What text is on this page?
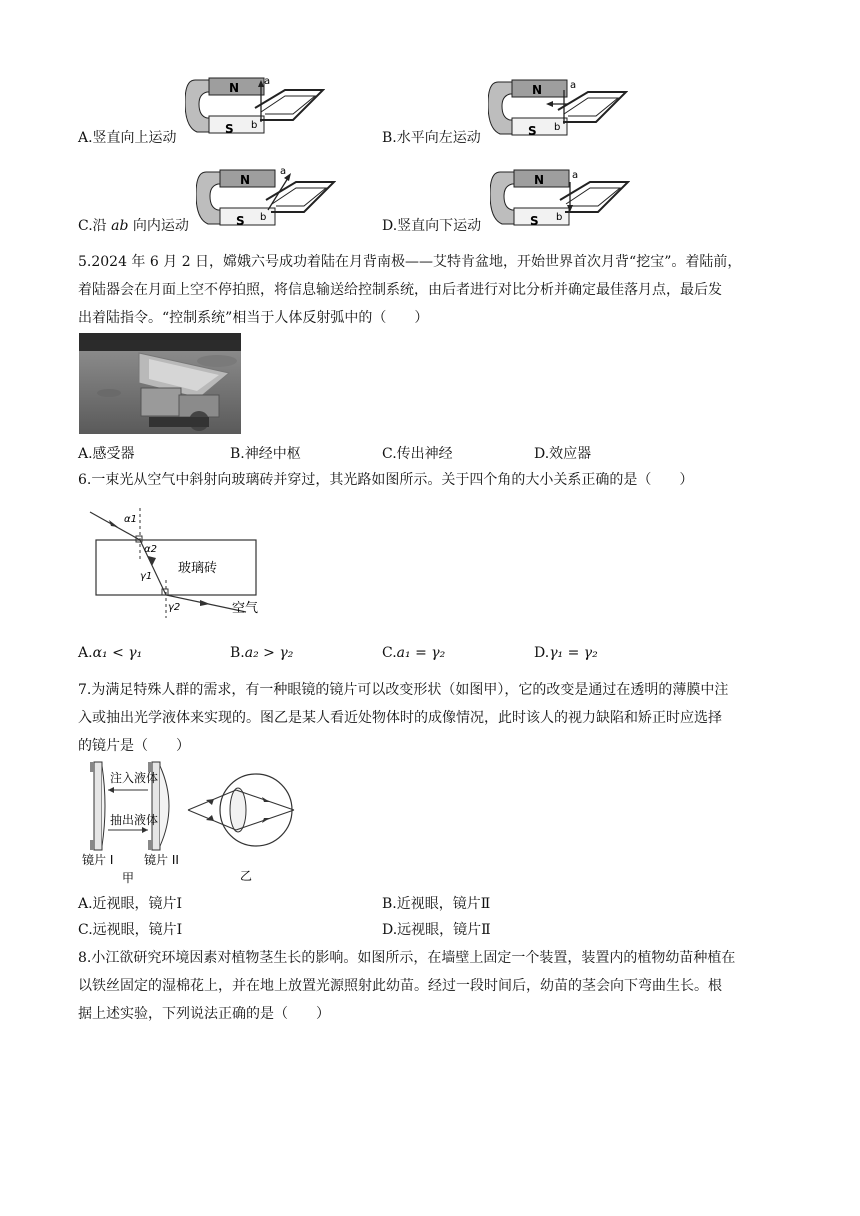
N
S
a
b
A.竖直向上运动
N
S
a
b
B.水平向左运动
N
S
a
b
C.沿 ab 向内运动
N
S
a
b
D.竖直向下运动
5.2024 年 6 月 2 日，嫦娥六号成功着陆在月背南极——艾特肯盆地，开始世界首次月背“挖宝”。着陆前，
着陆器会在月面上空不停拍照，将信息输送给控制系统，由后者进行对比分析并确定最佳落月点，最后发
出着陆指令。“控制系统”相当于人体反射弧中的（　　）
A.感受器	B.神经中枢	C.传出神经	D.效应器
6.一束光从空气中斜射向玻璃砖并穿过，其光路如图所示。关于四个角的大小关系正确的是（　　）
α1
α2
γ1
γ2
玻璃砖
空气
A.α₁ < γ₁	B.a₂ > γ₂	C.a₁ = γ₂	D.γ₁ = γ₂
7.为满足特殊人群的需求，有一种眼镜的镜片可以改变形状（如图甲），它的改变是通过在透明的薄膜中注
入或抽出光学液体来实现的。图乙是某人看近处物体时的成像情况，此时该人的视力缺陷和矫正时应选择
的镜片是（　　）
注入液体
抽出液体
镜片 I	镜片 II
甲	乙
A.近视眼，镜片Ⅰ	B.近视眼，镜片Ⅱ
C.远视眼，镜片Ⅰ	D.远视眼，镜片Ⅱ
8.小江欲研究环境因素对植物茎生长的影响。如图所示，在墙壁上固定一个装置，装置内的植物幼苗种植在
以铁丝固定的湿棉花上，并在地上放置光源照射此幼苗。经过一段时间后，幼苗的茎会向下弯曲生长。根
据上述实验，下列说法正确的是（　　）
